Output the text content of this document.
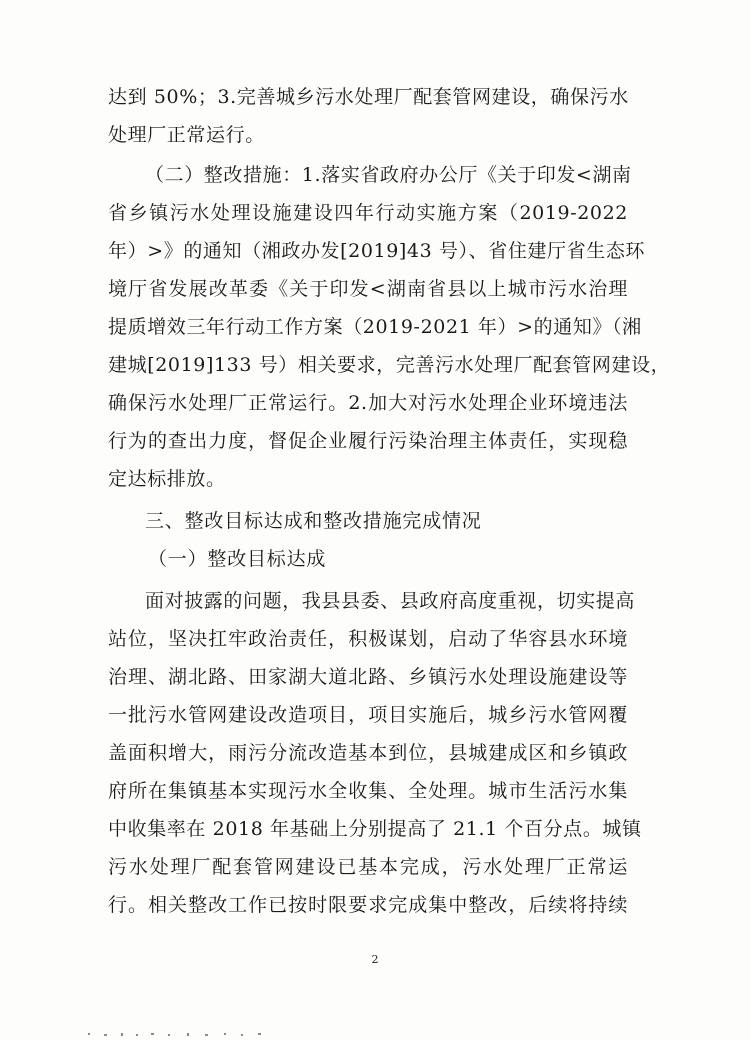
达到 50%；3.完善城乡污水处理厂配套管网建设，确保污水
处理厂正常运行。
（二）整改措施：1.落实省政府办公厅《关于印发<湖南
省乡镇污水处理设施建设四年行动实施方案（2019-2022
年）>》的通知（湘政办发[2019]43 号）、省住建厅省生态环
境厅省发展改革委《关于印发<湖南省县以上城市污水治理
提质增效三年行动工作方案（2019-2021 年）>的通知》（湘
建城[2019]133 号）相关要求，完善污水处理厂配套管网建设，
确保污水处理厂正常运行。2.加大对污水处理企业环境违法
行为的查出力度，督促企业履行污染治理主体责任，实现稳
定达标排放。
三、整改目标达成和整改措施完成情况
（一）整改目标达成
面对披露的问题，我县县委、县政府高度重视，切实提高
站位，坚决扛牢政治责任，积极谋划，启动了华容县水环境
治理、湖北路、田家湖大道北路、乡镇污水处理设施建设等
一批污水管网建设改造项目，项目实施后，城乡污水管网覆
盖面积增大，雨污分流改造基本到位，县城建成区和乡镇政
府所在集镇基本实现污水全收集、全处理。城市生活污水集
中收集率在 2018 年基础上分别提高了 21.1 个百分点。城镇
污水处理厂配套管网建设已基本完成，污水处理厂正常运
行。相关整改工作已按时限要求完成集中整改，后续将持续
2
